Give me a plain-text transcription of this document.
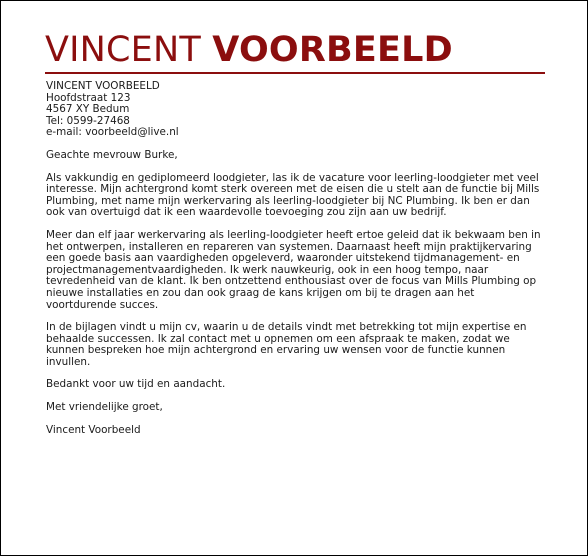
VINCENT VOORBEELD
VINCENT VOORBEELD
Hoofdstraat 123
4567 XY Bedum
Tel: 0599-27468
e-mail: voorbeeld@live.nl

Geachte mevrouw Burke,

Als vakkundig en gediplomeerd loodgieter, las ik de vacature voor leerling-loodgieter met veel interesse. Mijn achtergrond komt sterk overeen met de eisen die u stelt aan de functie bij Mills Plumbing, met name mijn werkervaring als leerling-loodgieter bij NC Plumbing. Ik ben er dan ook van overtuigd dat ik een waardevolle toevoeging zou zijn aan uw bedrijf.

Meer dan elf jaar werkervaring als leerling-loodgieter heeft ertoe geleid dat ik bekwaam ben in het ontwerpen, installeren en repareren van systemen. Daarnaast heeft mijn praktijkervaring een goede basis aan vaardigheden opgeleverd, waaronder uitstekend tijdmanagement- en projectmanagementvaardigheden. Ik werk nauwkeurig, ook in een hoog tempo, naar tevredenheid van de klant. Ik ben ontzettend enthousiast over de focus van Mills Plumbing op nieuwe installaties en zou dan ook graag de kans krijgen om bij te dragen aan het voortdurende succes.

In de bijlagen vindt u mijn cv, waarin u de details vindt met betrekking tot mijn expertise en behaalde successen. Ik zal contact met u opnemen om een afspraak te maken, zodat we kunnen bespreken hoe mijn achtergrond en ervaring uw wensen voor de functie kunnen invullen.

Bedankt voor uw tijd en aandacht.

Met vriendelijke groet,

Vincent Voorbeeld
